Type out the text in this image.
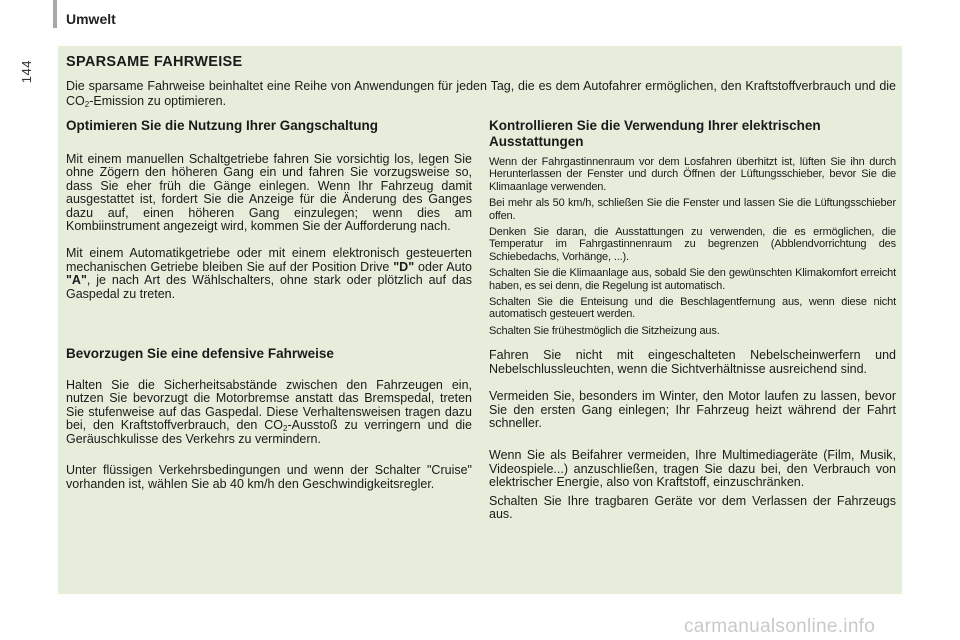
Umwelt
144 SPARSAME FAHRWEISE
Die sparsame Fahrweise beinhaltet eine Reihe von Anwendungen für jeden Tag, die es dem Autofahrer ermöglichen, den Kraftstoffverbrauch und die $CO_2$-Emission zu optimieren.
Optimieren Sie die Nutzung Ihrer Gangschaltung
Mit einem manuellen Schaltgetriebe fahren Sie vorsichtig los, legen Sie ohne Zögern den höheren Gang ein und fahren Sie vorzugsweise so, dass Sie eher früh die Gänge einlegen. Wenn Ihr Fahrzeug damit ausgestattet ist, fordert Sie die Anzeige für die Änderung des Ganges dazu auf, einen höheren Gang einzulegen; wenn dies am Kombiinstrument angezeigt wird, kommen Sie der Aufforderung nach.
Mit einem Automatikgetriebe oder mit einem elektronisch gesteuerten mechanischen Getriebe bleiben Sie auf der Position Drive "D" oder Auto "A", je nach Art des Wählschalters, ohne stark oder plötzlich auf das Gaspedal zu treten.
Bevorzugen Sie eine defensive Fahrweise
Halten Sie die Sicherheitsabstände zwischen den Fahrzeugen ein, nutzen Sie bevorzugt die Motorbremse anstatt das Bremspedal, treten Sie stufenweise auf das Gaspedal. Diese Verhaltensweisen tragen dazu bei, den Kraftstoffverbrauch, den $CO_2$-Ausstoß zu verringern und die Geräuschkulisse des Verkehrs zu vermindern.
Unter flüssigen Verkehrsbedingungen und wenn der Schalter "Cruise" vorhanden ist, wählen Sie ab 40 km/h den Geschwindigkeitsregler.
Kontrollieren Sie die Verwendung Ihrer elektrischen Ausstattungen
Wenn der Fahrgastinnenraum vor dem Losfahren überhitzt ist, lüften Sie ihn durch Herunterlassen der Fenster und durch Öffnen der Lüftungsschieber, bevor Sie die Klimaanlage verwenden.
Bei mehr als 50 km/h, schließen Sie die Fenster und lassen Sie die Lüftungsschieber offen.
Denken Sie daran, die Ausstattungen zu verwenden, die es ermöglichen, die Temperatur im Fahrgastinnenraum zu begrenzen (Abblendvorrichtung des Schiebedachs, Vorhänge, ...).
Schalten Sie die Klimaanlage aus, sobald Sie den gewünschten Klimakomfort erreicht haben, es sei denn, die Regelung ist automatisch.
Schalten Sie die Enteisung und die Beschlagentfernung aus, wenn diese nicht automatisch gesteuert werden.
Schalten Sie frühestmöglich die Sitzheizung aus.
Fahren Sie nicht mit eingeschalteten Nebelscheinwerfern und Nebelschlussleuchten, wenn die Sichtverhältnisse ausreichend sind.
Vermeiden Sie, besonders im Winter, den Motor laufen zu lassen, bevor Sie den ersten Gang einlegen; Ihr Fahrzeug heizt während der Fahrt schneller.
Wenn Sie als Beifahrer vermeiden, Ihre Multimediageräte (Film, Musik, Videospiele...) anzuschließen, tragen Sie dazu bei, den Verbrauch von elektrischer Energie, also von Kraftstoff, einzuschränken.
Schalten Sie Ihre tragbaren Geräte vor dem Verlassen der Fahrzeugs aus.
carmanualsonline.info
